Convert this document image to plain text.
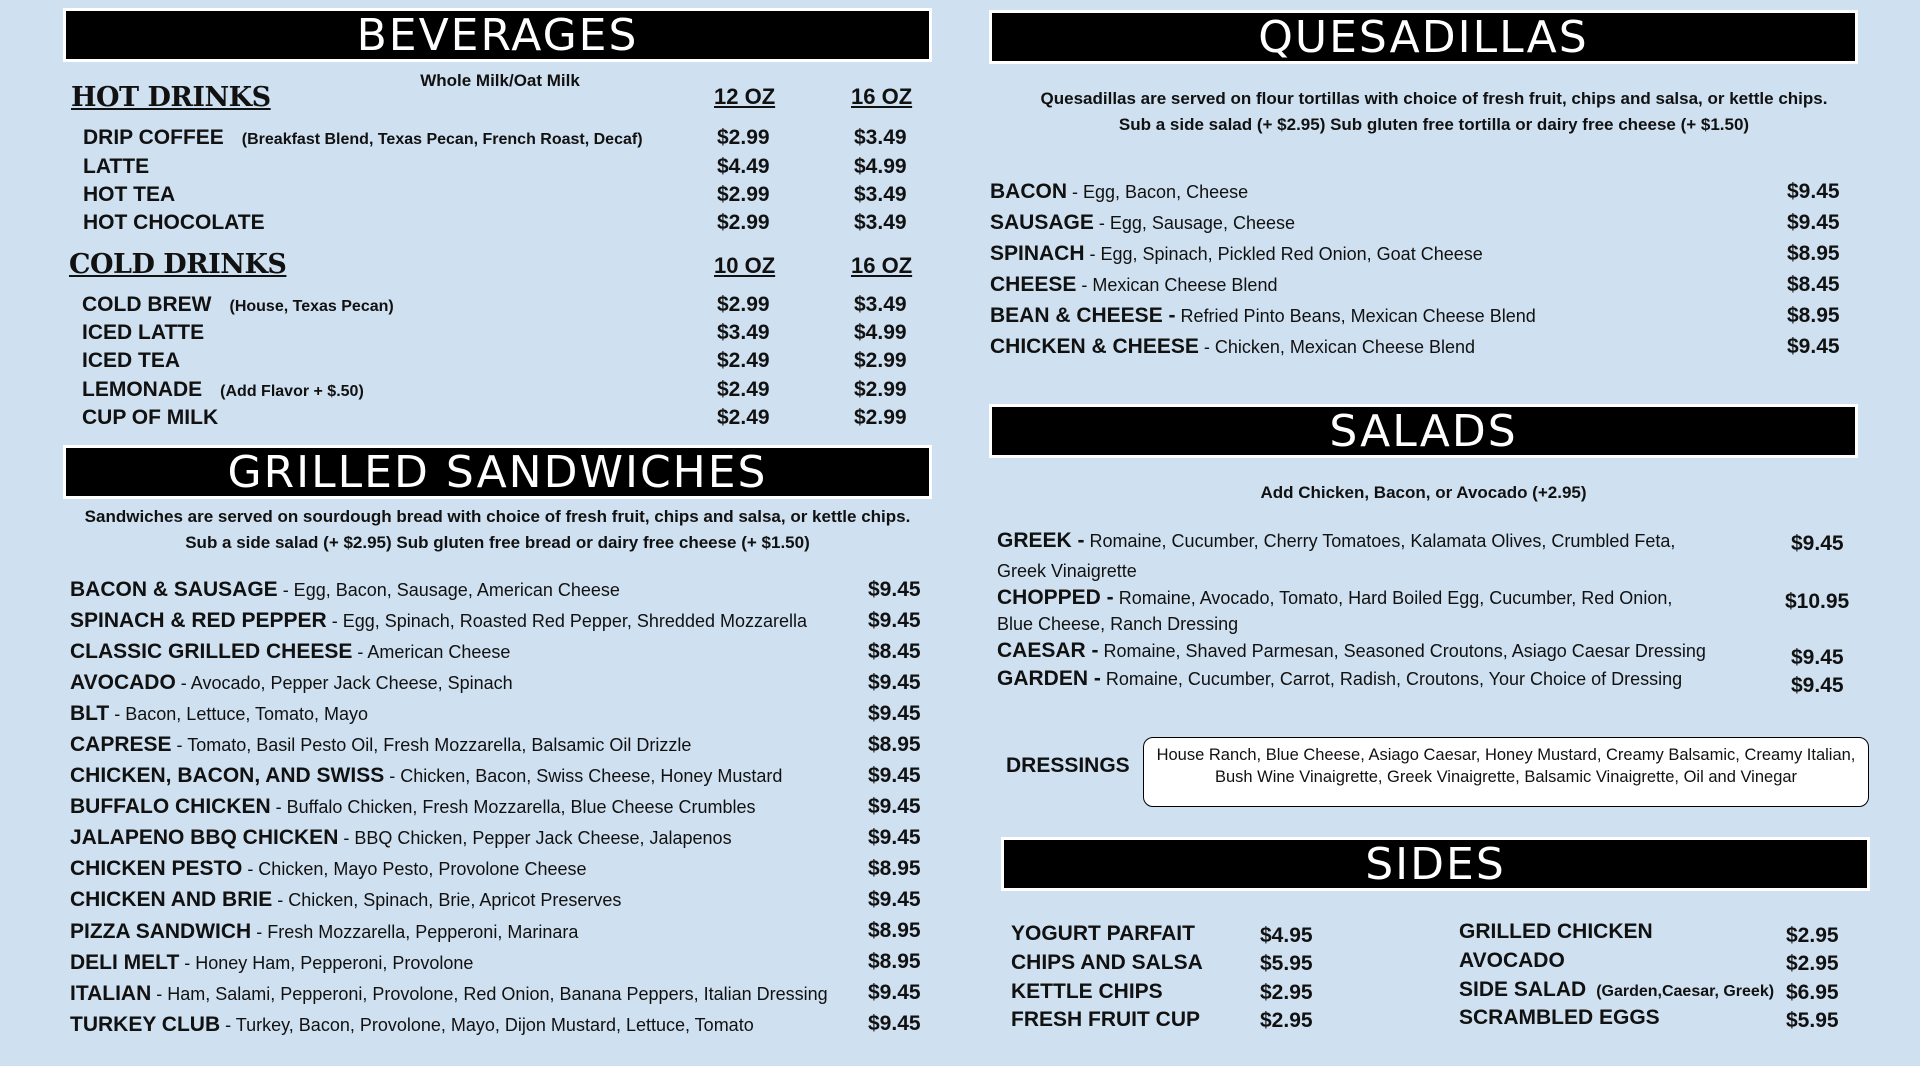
BEVERAGES
Whole Milk/Oat Milk
HOT DRINKS	12 OZ	16 OZ
DRIP COFFEE (Breakfast Blend, Texas Pecan, French Roast, Decaf)	$2.99	$3.49
LATTE	$4.49	$4.99
HOT TEA	$2.99	$3.49
HOT CHOCOLATE	$2.99	$3.49
COLD DRINKS	10 OZ	16 OZ
COLD BREW (House, Texas Pecan)	$2.99	$3.49
ICED LATTE	$3.49	$4.99
ICED TEA	$2.49	$2.99
LEMONADE (Add Flavor + $.50)	$2.49	$2.99
CUP OF MILK	$2.49	$2.99
GRILLED SANDWICHES
Sandwiches are served on sourdough bread with choice of fresh fruit, chips and salsa, or kettle chips.
Sub a side salad (+ $2.95) Sub gluten free bread or dairy free cheese (+ $1.50)
BACON & SAUSAGE - Egg, Bacon, Sausage, American Cheese	$9.45
SPINACH & RED PEPPER - Egg, Spinach, Roasted Red Pepper, Shredded Mozzarella	$9.45
CLASSIC GRILLED CHEESE - American Cheese	$8.45
AVOCADO - Avocado, Pepper Jack Cheese, Spinach	$9.45
BLT - Bacon, Lettuce, Tomato, Mayo	$9.45
CAPRESE - Tomato, Basil Pesto Oil, Fresh Mozzarella, Balsamic Oil Drizzle	$8.95
CHICKEN, BACON, AND SWISS - Chicken, Bacon, Swiss Cheese, Honey Mustard	$9.45
BUFFALO CHICKEN - Buffalo Chicken, Fresh Mozzarella, Blue Cheese Crumbles	$9.45
JALAPENO BBQ CHICKEN - BBQ Chicken, Pepper Jack Cheese, Jalapenos	$9.45
CHICKEN PESTO - Chicken, Mayo Pesto, Provolone Cheese	$8.95
CHICKEN AND BRIE - Chicken, Spinach, Brie, Apricot Preserves	$9.45
PIZZA SANDWICH - Fresh Mozzarella, Pepperoni, Marinara	$8.95
DELI MELT - Honey Ham, Pepperoni, Provolone	$8.95
ITALIAN - Ham, Salami, Pepperoni, Provolone, Red Onion, Banana Peppers, Italian Dressing $9.45
TURKEY CLUB - Turkey, Bacon, Provolone, Mayo, Dijon Mustard, Lettuce, Tomato	$9.45
QUESADILLAS
Quesadillas are served on flour tortillas with choice of fresh fruit, chips and salsa, or kettle chips.
Sub a side salad (+ $2.95) Sub gluten free tortilla or dairy free cheese (+ $1.50)
BACON - Egg, Bacon, Cheese	$9.45
SAUSAGE - Egg, Sausage, Cheese	$9.45
SPINACH - Egg, Spinach, Pickled Red Onion, Goat Cheese	$8.95
CHEESE - Mexican Cheese Blend	$8.45
BEAN & CHEESE - Refried Pinto Beans, Mexican Cheese Blend	$8.95
CHICKEN & CHEESE - Chicken, Mexican Cheese Blend	$9.45
SALADS
Add Chicken, Bacon, or Avocado (+2.95)
GREEK - Romaine, Cucumber, Cherry Tomatoes, Kalamata Olives, Crumbled Feta,
Greek Vinaigrette
$9.45
CHOPPED - Romaine, Avocado, Tomato, Hard Boiled Egg, Cucumber, Red Onion,
Blue Cheese, Ranch Dressing
$10.95
CAESAR - Romaine, Shaved Parmesan, Seasoned Croutons, Asiago Caesar Dressing	$9.45
GARDEN - Romaine, Cucumber, Carrot, Radish, Croutons, Your Choice of Dressing	$9.45
DRESSINGS	House Ranch, Blue Cheese, Asiago Caesar, Honey Mustard, Creamy Balsamic, Creamy Italian,
Bush Wine Vinaigrette, Greek Vinaigrette, Balsamic Vinaigrette, Oil and Vinegar
SIDES
YOGURT PARFAIT	$4.95
CHIPS AND SALSA	$5.95
KETTLE CHIPS	$2.95
FRESH FRUIT CUP	$2.95
GRILLED CHICKEN	$2.95
AVOCADO	$2.95
SIDE SALAD (Garden,Caesar, Greek) $6.95
SCRAMBLED EGGS	$5.95
